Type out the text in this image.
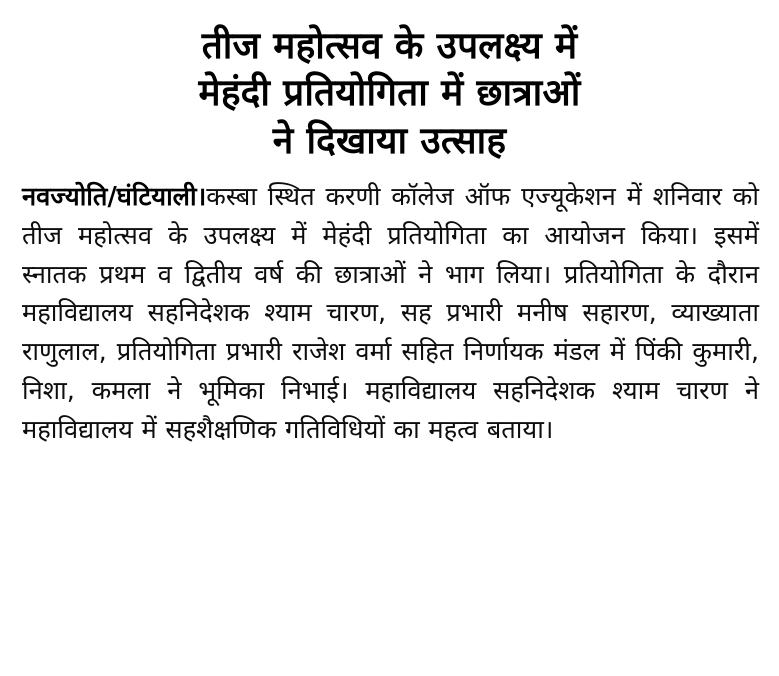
तीज महोत्सव के उपलक्ष्य में
मेहंदी प्रतियोगिता में छात्राओं
ने दिखाया उत्साह
नवज्योति/घंटियाली।कस्बा स्थित करणी कॉलेज ऑफ एज्यूकेशन में शनिवार को तीज महोत्सव के उपलक्ष्य में मेहंदी प्रतियोगिता का आयोजन किया। इसमें स्नातक प्रथम व द्वितीय वर्ष की छात्राओं ने भाग लिया। प्रतियोगिता के दौरान महाविद्यालय सहनिदेशक श्याम चारण, सह प्रभारी मनीष सहारण, व्याख्याता राणुलाल, प्रतियोगिता प्रभारी राजेश वर्मा सहित निर्णायक मंडल में पिंकी कुमारी, निशा, कमला ने भूमिका निभाई। महाविद्यालय सहनिदेशक श्याम चारण ने महाविद्यालय में सहशैक्षणिक गतिविधियों का महत्व बताया।
